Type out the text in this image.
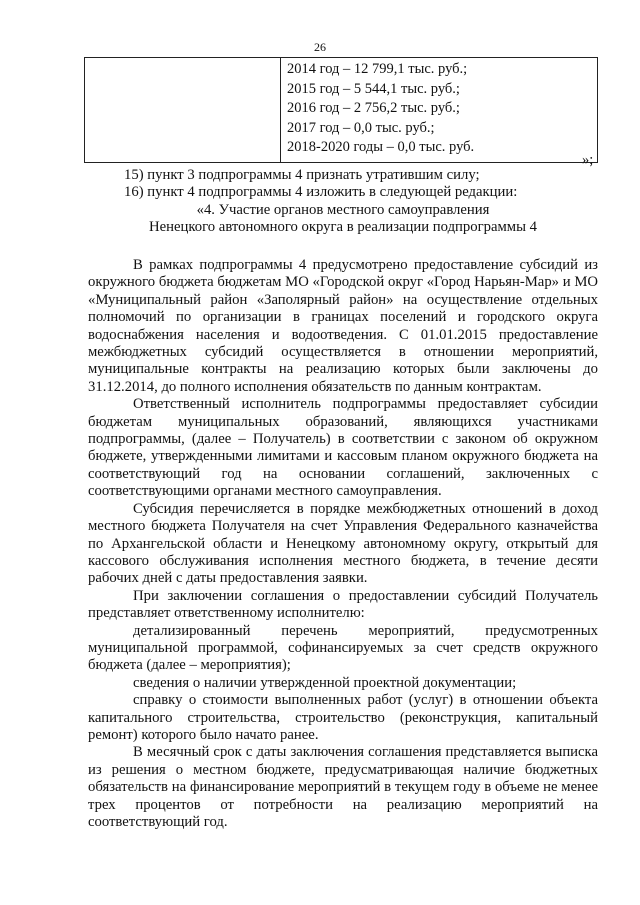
26

2014 год – 12 799,1 тыс. руб.;
2015 год – 5 544,1 тыс. руб.;
2016 год – 2 756,2 тыс. руб.;
2017 год – 0,0 тыс. руб.;
2018-2020 годы – 0,0 тыс. руб.
»;

15) пункт 3 подпрограммы 4 признать утратившим силу;

16) пункт 4 подпрограммы 4 изложить в следующей редакции:

«4. Участие органов местного самоуправления

Ненецкого автономного округа в реализации подпрограммы 4

В рамках подпрограммы 4 предусмотрено предоставление субсидий из окружного бюджета бюджетам МО «Городской округ «Город Нарьян-Мар» и МО «Муниципальный район «Заполярный район» на осуществление отдельных полномочий по организации в границах поселений и городского округа водоснабжения населения и водоотведения. С 01.01.2015 предоставление межбюджетных субсидий осуществляется в отношении мероприятий, муниципальные контракты на реализацию которых были заключены до 31.12.2014, до полного исполнения обязательств по данным контрактам.

Ответственный исполнитель подпрограммы предоставляет субсидии бюджетам муниципальных образований, являющихся участниками подпрограммы, (далее – Получатель) в соответствии с законом об окружном бюджете, утвержденными лимитами и кассовым планом окружного бюджета на соответствующий год на основании соглашений, заключенных с соответствующими органами местного самоуправления.

Субсидия перечисляется в порядке межбюджетных отношений в доход местного бюджета Получателя на счет Управления Федерального казначейства по Архангельской области и Ненецкому автономному округу, открытый для кассового обслуживания исполнения местного бюджета, в течение десяти рабочих дней с даты предоставления заявки.

При заключении соглашения о предоставлении субсидий Получатель представляет ответственному исполнителю:

детализированный перечень мероприятий, предусмотренных муниципальной программой, софинансируемых за счет средств окружного бюджета (далее – мероприятия);

сведения о наличии утвержденной проектной документации;

справку о стоимости выполненных работ (услуг) в отношении объекта капитального строительства, строительство (реконструкция, капитальный ремонт) которого было начато ранее.

В месячный срок с даты заключения соглашения представляется выписка из решения о местном бюджете, предусматривающая наличие бюджетных обязательств на финансирование мероприятий в текущем году в объеме не менее трех процентов от потребности на реализацию мероприятий на соответствующий год.
